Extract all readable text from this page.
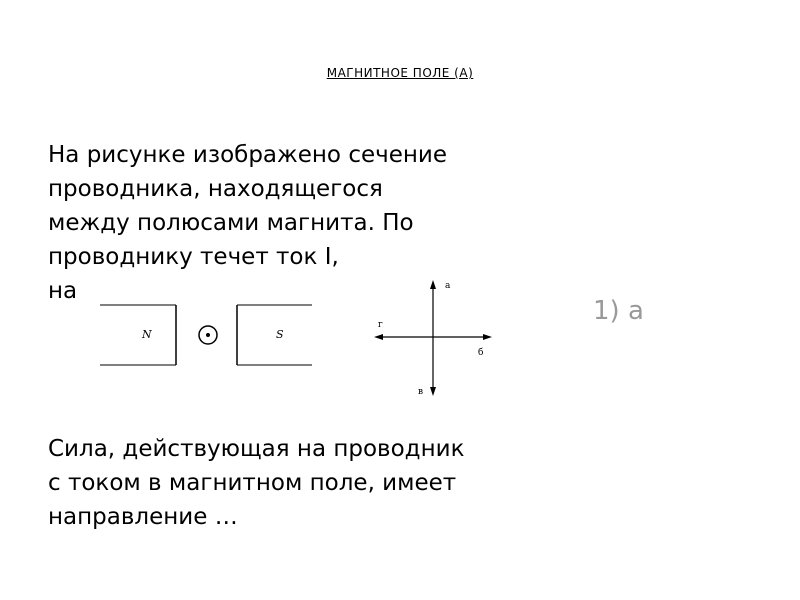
МАГНИТНОЕ ПОЛЕ (А)
На рисунке изображено сечение
проводника, находящегося
между полюсами магнита. По
проводнику течет ток I,
на
N	S
а
б
в
г	1) а
Сила, действующая на проводник
с током в магнитном поле, имеет
направление …
